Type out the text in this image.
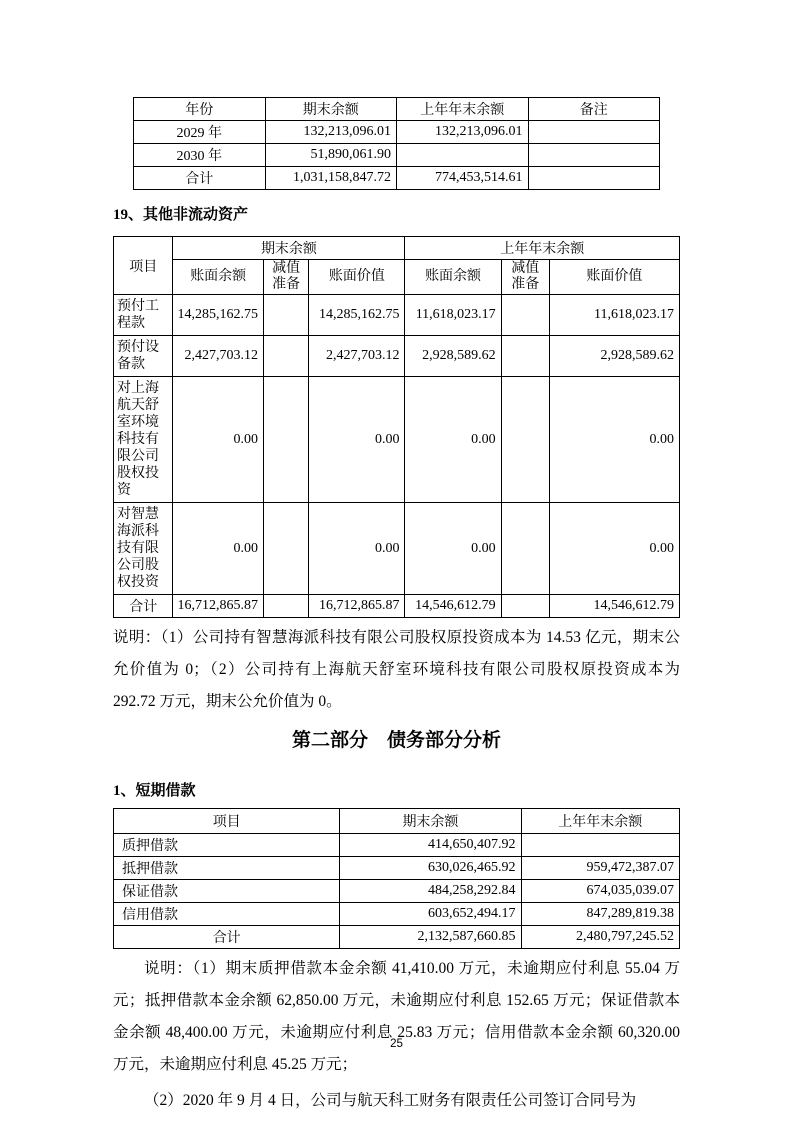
年份	期末余额	上年年末余额	备注
2029 年	132,213,096.01	132,213,096.01	
2030 年	51,890,061.90		
合计	1,031,158,847.72	774,453,514.61	
19、其他非流动资产
项目	期末余额			上年年末余额		
	账面余额	减值准备	账面价值	账面余额	减值准备	账面价值
预付工程款	14,285,162.75		14,285,162.75	11,618,023.17		11,618,023.17
预付设备款	2,427,703.12		2,427,703.12	2,928,589.62		2,928,589.62
对上海航天舒室环境科技有限公司股权投资	0.00		0.00	0.00		0.00
对智慧海派科技有限公司股权投资	0.00		0.00	0.00		0.00
合计	16,712,865.87		16,712,865.87	14,546,612.79		14,546,612.79

说明：（1）公司持有智慧海派科技有限公司股权原投资成本为 14.53 亿元，期末公允价值为 0；（2）公司持有上海航天舒室环境科技有限公司股权原投资成本为 292.72 万元，期末公允价值为 0。

第二部分　债务部分分析
1、短期借款
项目	期末余额	上年年末余额
质押借款	414,650,407.92	
抵押借款	630,026,465.92	959,472,387.07
保证借款	484,258,292.84	674,035,039.07
信用借款	603,652,494.17	847,289,819.38
合计	2,132,587,660.85	2,480,797,245.52

说明：（1）期末质押借款本金余额 41,410.00 万元，未逾期应付利息 55.04 万元；抵押借款本金余额 62,850.00 万元，未逾期应付利息 152.65 万元；保证借款本金余额 48,400.00 万元，未逾期应付利息 25.83 万元；信用借款本金余额 60,320.00 万元，未逾期应付利息 45.25 万元；

（2）2020 年 9 月 4 日，公司与航天科工财务有限责任公司签订合同号为

25
